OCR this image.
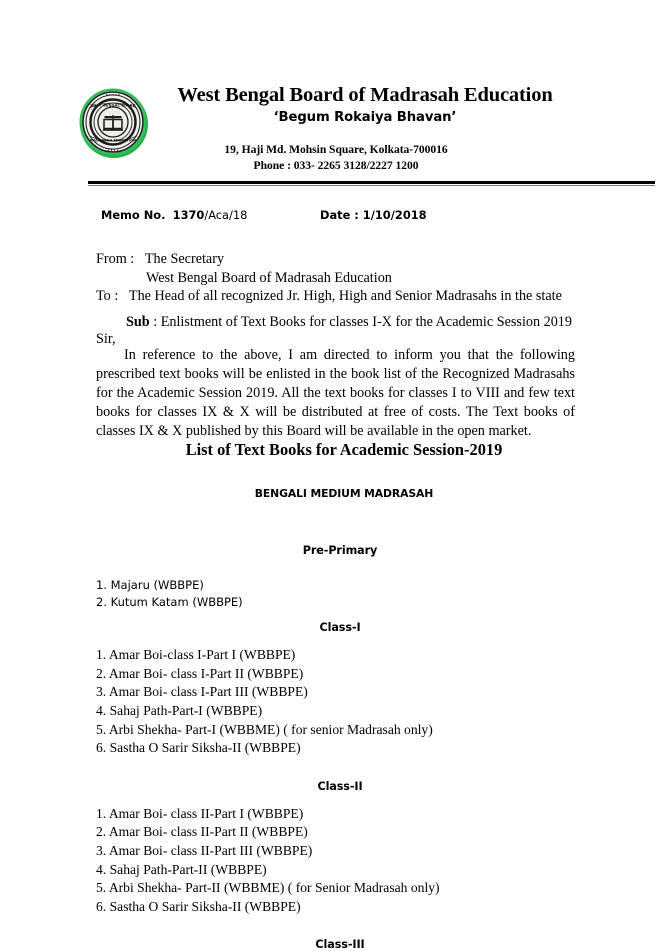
• • • • •
• • • •
WEST BENGAL BOARD
MADRASAH EDUCATION
West Bengal Board of Madrasah Education
‘Begum Rokaiya Bhavan’
19, Haji Md. Mohsin Square, Kolkata-700016
Phone : 033- 2265 3128/2227 1200
Memo No. 1370/Aca/18	Date : 1/10/2018
From : The Secretary
West Bengal Board of Madrasah Education
To : The Head of all recognized Jr. High, High and Senior Madrasahs in the state
Sub : Enlistment of Text Books for classes I-X for the Academic Session 2019
Sir,
In reference to the above, I am directed to inform you that the following prescribed text books will be enlisted in the book list of the Recognized Madrasahs for the Academic Session 2019. All the text books for classes I to VIII and few text books for classes IX & X will be distributed at free of costs. The Text books of classes IX & X published by this Board will be available in the open market.
List of Text Books for Academic Session-2019
BENGALI MEDIUM MADRASAH
Pre-Primary
1. Majaru (WBBPE)
2. Kutum Katam (WBBPE)
Class-I
1. Amar Boi-class I-Part I (WBBPE)
2. Amar Boi- class I-Part II (WBBPE)
3. Amar Boi- class I-Part III (WBBPE)
4. Sahaj Path-Part-I (WBBPE)
5. Arbi Shekha- Part-I (WBBME) ( for senior Madrasah only)
6. Sastha O Sarir Siksha-II (WBBPE)
Class-II
1. Amar Boi- class II-Part I (WBBPE)
2. Amar Boi- class II-Part II (WBBPE)
3. Amar Boi- class II-Part III (WBBPE)
4. Sahaj Path-Part-II (WBBPE)
5. Arbi Shekha- Part-II (WBBME) ( for Senior Madrasah only)
6. Sastha O Sarir Siksha-II (WBBPE)
Class-III
